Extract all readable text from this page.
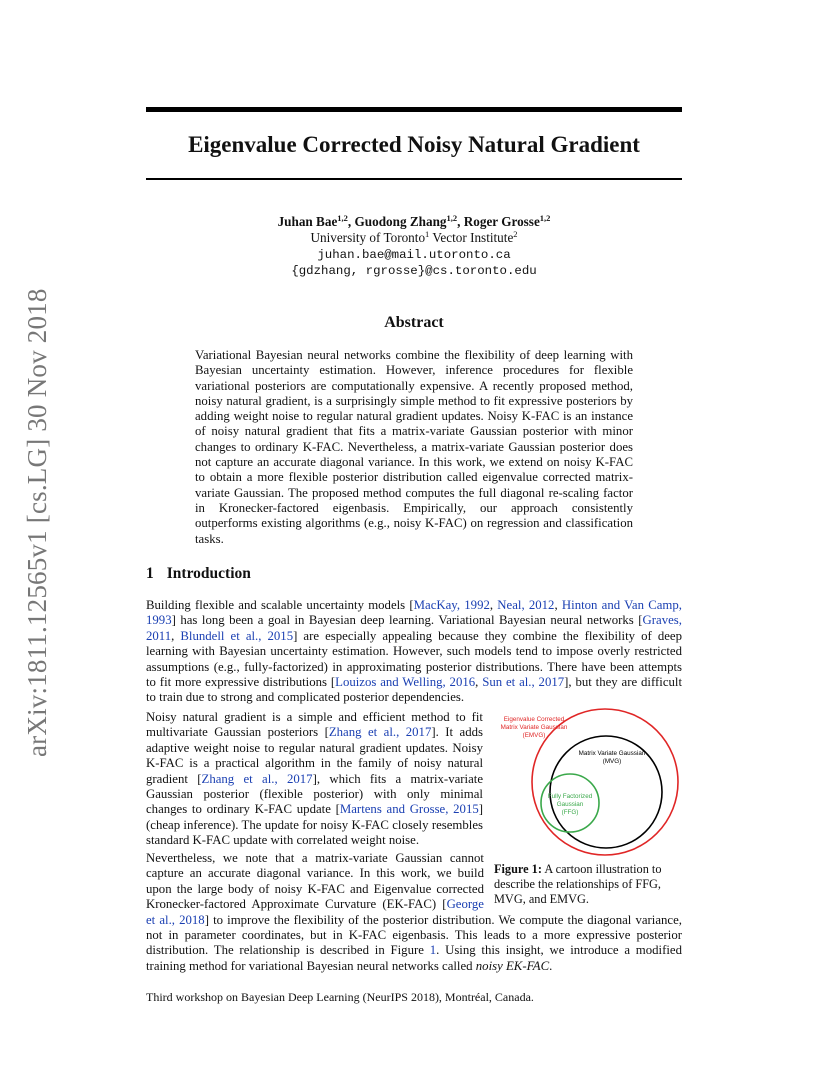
arXiv:1811.12565v1 [cs.LG] 30 Nov 2018
Eigenvalue Corrected Noisy Natural Gradient
Juhan Bae$^{1,2}$, Guodong Zhang$^{1,2}$, Roger Grosse$^{1,2}$
University of Toronto$^1$ Vector Institute$^2$
juhan.bae@mail.utoronto.ca
{gdzhang, rgrosse}@cs.toronto.edu
Abstract
Variational Bayesian neural networks combine the flexibility of deep learning with Bayesian uncertainty estimation. However, inference procedures for flexible variational posteriors are computationally expensive. A recently proposed method, noisy natural gradient, is a surprisingly simple method to fit expressive posteriors by adding weight noise to regular natural gradient updates. Noisy K-FAC is an instance of noisy natural gradient that fits a matrix-variate Gaussian posterior with minor changes to ordinary K-FAC. Nevertheless, a matrix-variate Gaussian posterior does not capture an accurate diagonal variance. In this work, we extend on noisy K-FAC to obtain a more flexible posterior distribution called eigenvalue corrected matrix-variate Gaussian. The proposed method computes the full diagonal re-scaling factor in Kronecker-factored eigenbasis. Empirically, our approach consistently outperforms existing algorithms (e.g., noisy K-FAC) on regression and classification tasks.
1 Introduction
Building flexible and scalable uncertainty models [MacKay, 1992, Neal, 2012, Hinton and Van Camp, 1993] has long been a goal in Bayesian deep learning. Variational Bayesian neural networks [Graves, 2011, Blundell et al., 2015] are especially appealing because they combine the flexibility of deep learning with Bayesian uncertainty estimation. However, such models tend to impose overly restricted assumptions (e.g., fully-factorized) in approximating posterior distributions. There have been attempts to fit more expressive distributions [Louizos and Welling, 2016, Sun et al., 2017], but they are difficult to train due to strong and complicated posterior dependencies.
Noisy natural gradient is a simple and efficient method to fit multivariate Gaussian posteriors [Zhang et al., 2017]. It adds adaptive weight noise to regular natural gradient updates. Noisy K-FAC is a practical algorithm in the family of noisy natural gradient [Zhang et al., 2017], which fits a matrix-variate Gaussian posterior (flexible posterior) with only minimal changes to ordinary K-FAC update [Martens and Grosse, 2015] (cheap inference). The update for noisy K-FAC closely resembles standard K-FAC update with correlated weight noise.
Nevertheless, we note that a matrix-variate Gaussian cannot capture an accurate diagonal variance. In this work, we build upon the large body of noisy K-FAC and Eigenvalue corrected Kronecker-factored Approximate Curvature (EK-FAC) [George et al., 2018] to improve the flexibility of the posterior distribution. We compute the diagonal variance, not in parameter coordinates, but in K-FAC eigenbasis. This leads to a more expressive posterior distribution. The relationship is described in Figure 1. Using this insight, we introduce a modified training method for variational Bayesian neural networks called noisy EK-FAC.
Eigenvalue Corrected
Matrix Variate Gaussian
(EMVG)
Matrix Variate Gaussian
(MVG)
Fully Factorized
Gaussian
(FFG)
Figure 1: A cartoon illustration to describe the relationships of FFG, MVG, and EMVG.
Third workshop on Bayesian Deep Learning (NeurIPS 2018), Montréal, Canada.
